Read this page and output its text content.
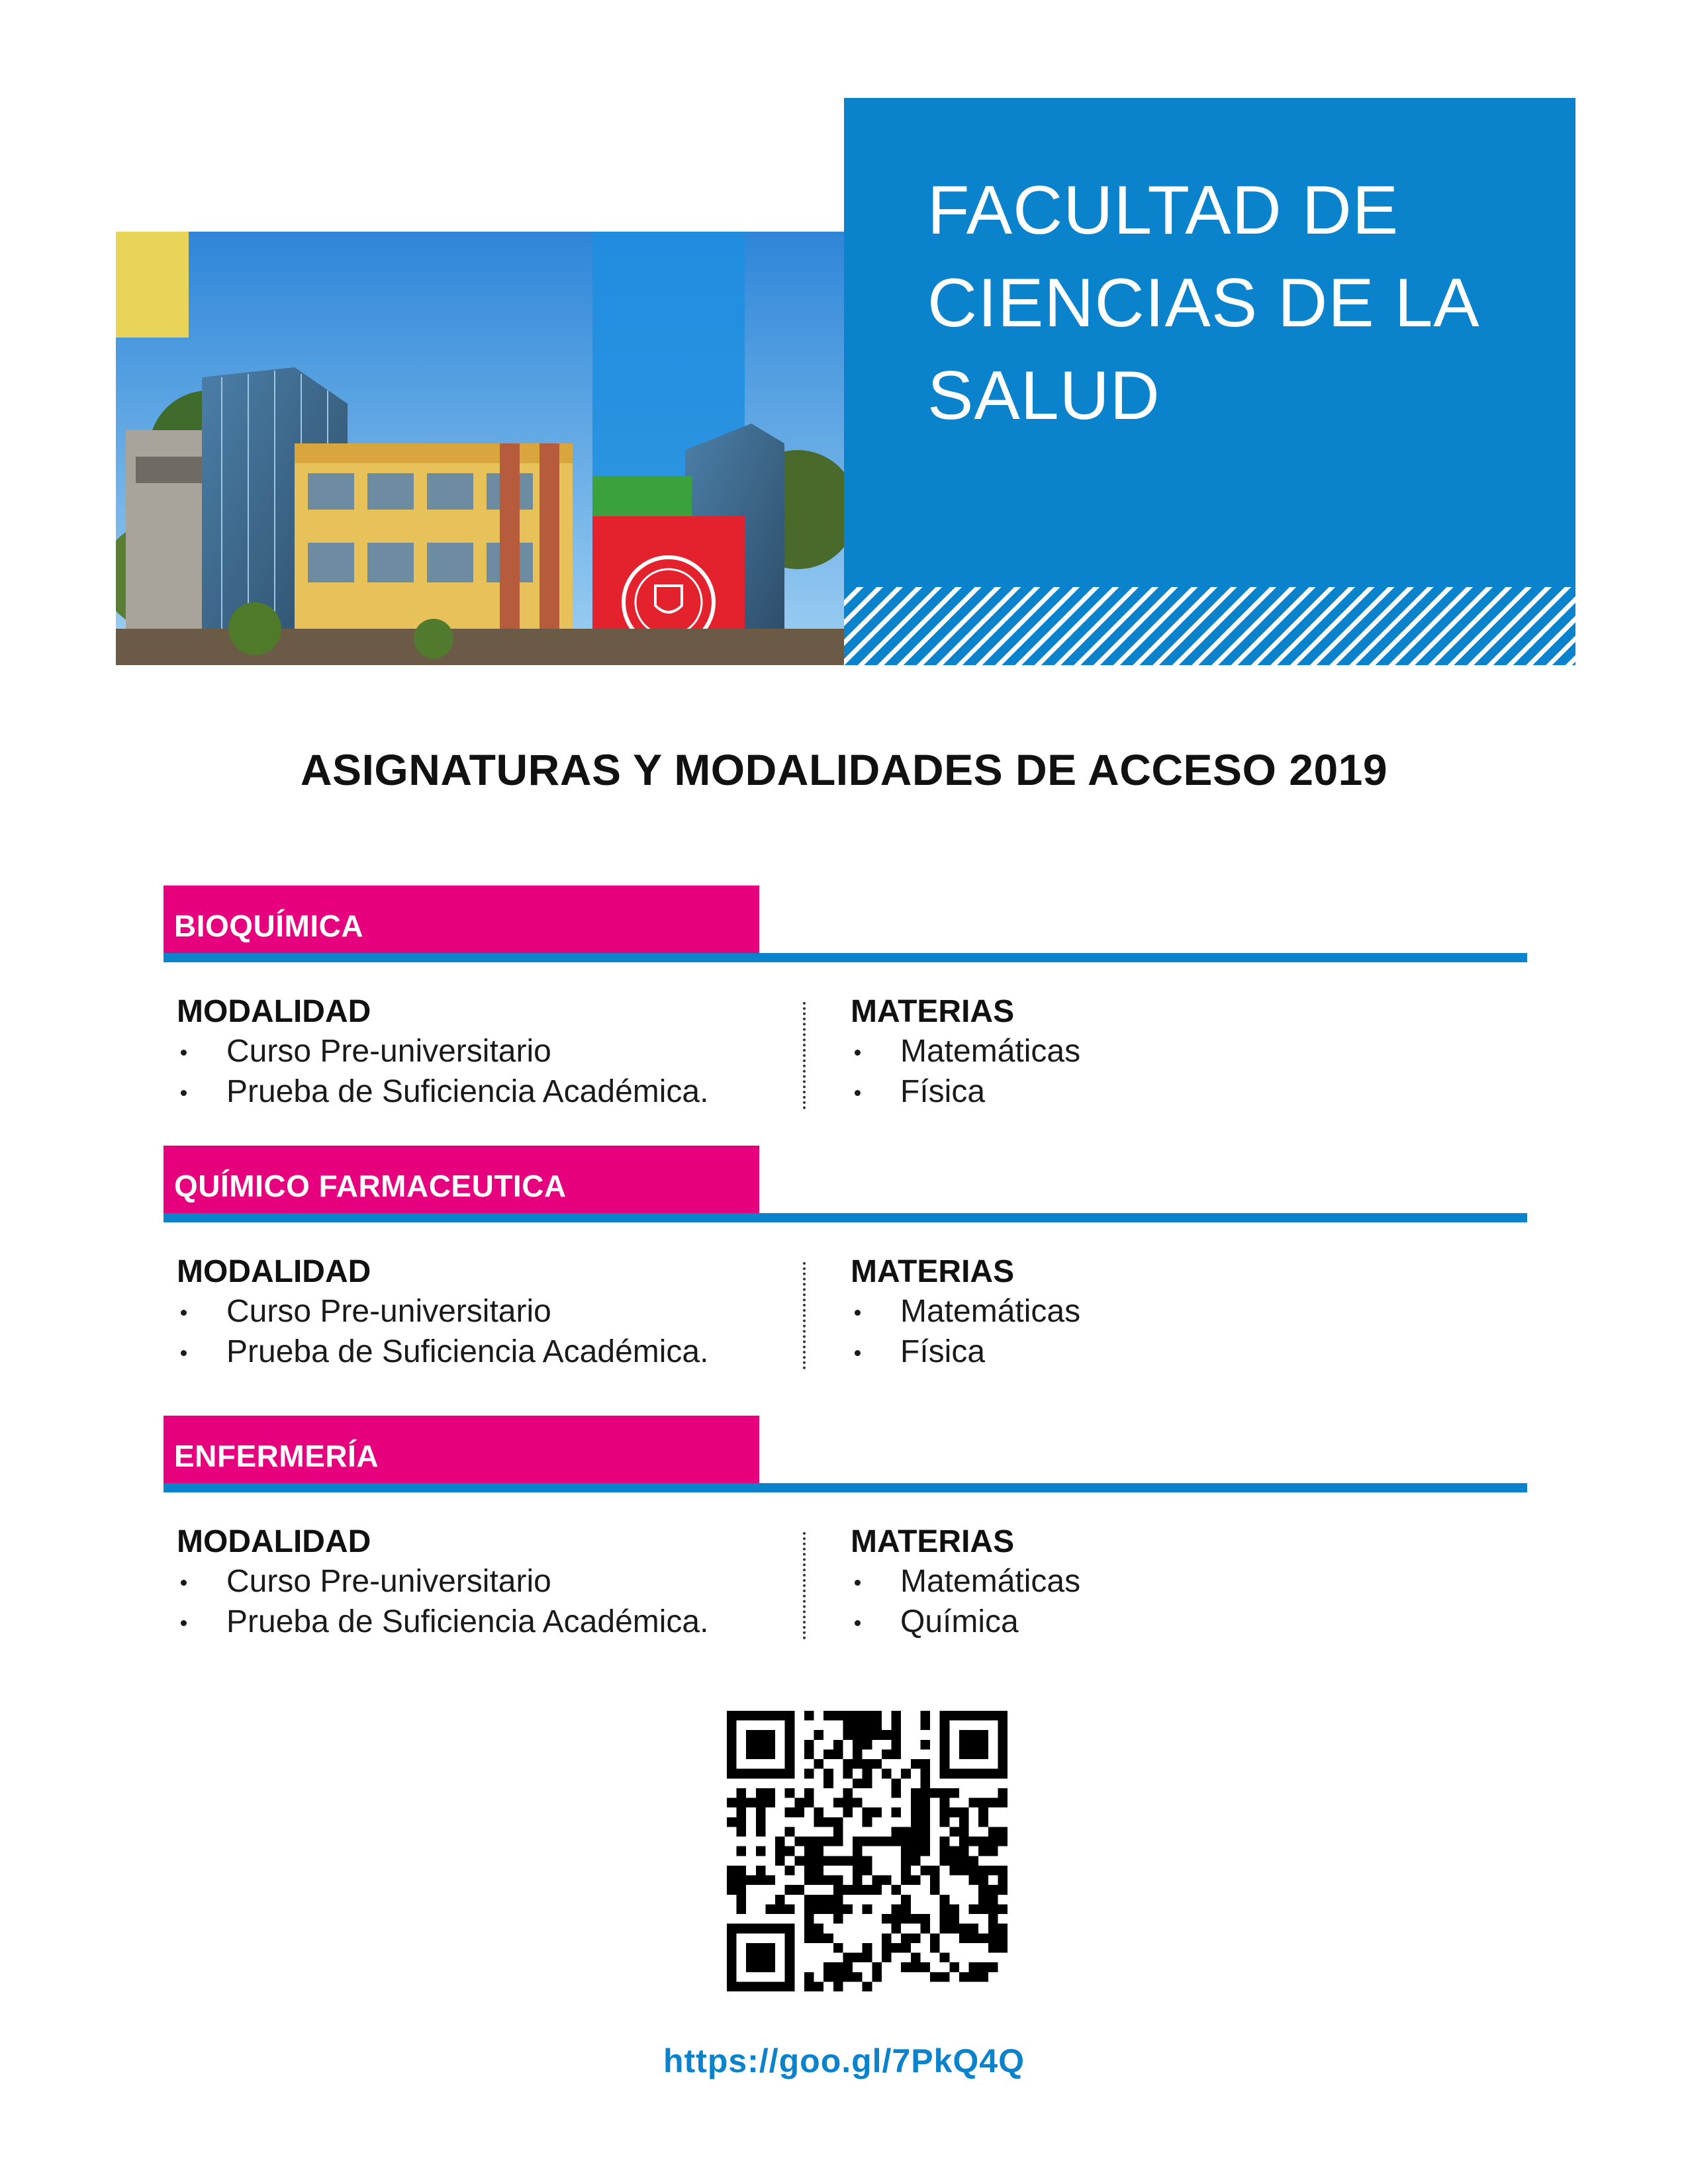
FACULTAD DE CIENCIAS DE LA SALUD
ASIGNATURAS Y MODALIDADES DE ACCESO 2019
BIOQUÍMICA
MODALIDAD
Curso Pre-universitario
Prueba de Suficiencia Académica.
MATERIAS
Matemáticas
Física
QUÍMICO FARMACEUTICA
MODALIDAD
Curso Pre-universitario
Prueba de Suficiencia Académica.
MATERIAS
Matemáticas
Física
ENFERMERÍA
MODALIDAD
Curso Pre-universitario
Prueba de Suficiencia Académica.
MATERIAS
Matemáticas
Química
https://goo.gl/7PkQ4Q
